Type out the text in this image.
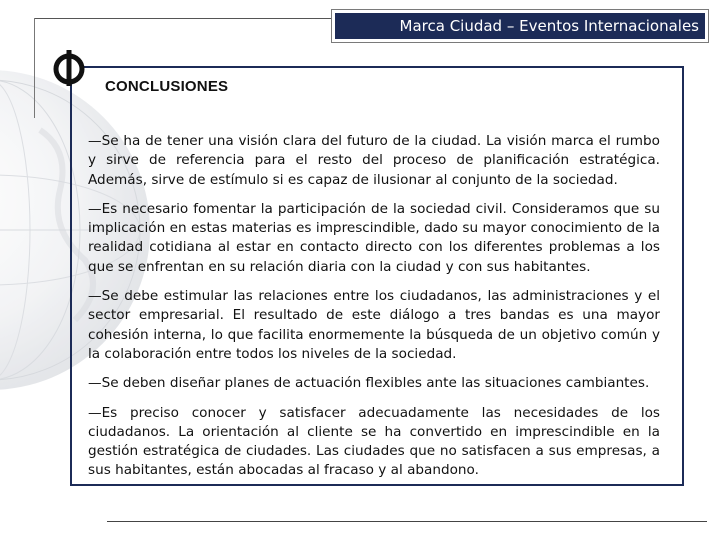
Marca Ciudad – Eventos Internacionales
CONCLUSIONES

—Se ha de tener una visión clara del futuro de la ciudad. La visión marca el rumbo y sirve de referencia para el resto del proceso de planificación estratégica. Además, sirve de estímulo si es capaz de ilusionar al conjunto de la sociedad.

—Es necesario fomentar la participación de la sociedad civil. Consideramos que su implicación en estas materias es imprescindible, dado su mayor conocimiento de la realidad cotidiana al estar en contacto directo con los diferentes problemas a los que se enfrentan en su relación diaria con la ciudad y con sus habitantes.

—Se debe estimular las relaciones entre los ciudadanos, las administraciones y el sector empresarial. El resultado de este diálogo a tres bandas es una mayor cohesión interna, lo que facilita enormemente la búsqueda de un objetivo común y la colaboración entre todos los niveles de la sociedad.

—Se deben diseñar planes de actuación flexibles ante las situaciones cambiantes.

—Es preciso conocer y satisfacer adecuadamente las necesidades de los ciudadanos. La orientación al cliente se ha convertido en imprescindible en la gestión estratégica de ciudades. Las ciudades que no satisfacen a sus empresas, a sus habitantes, están abocadas al fracaso y al abandono.
